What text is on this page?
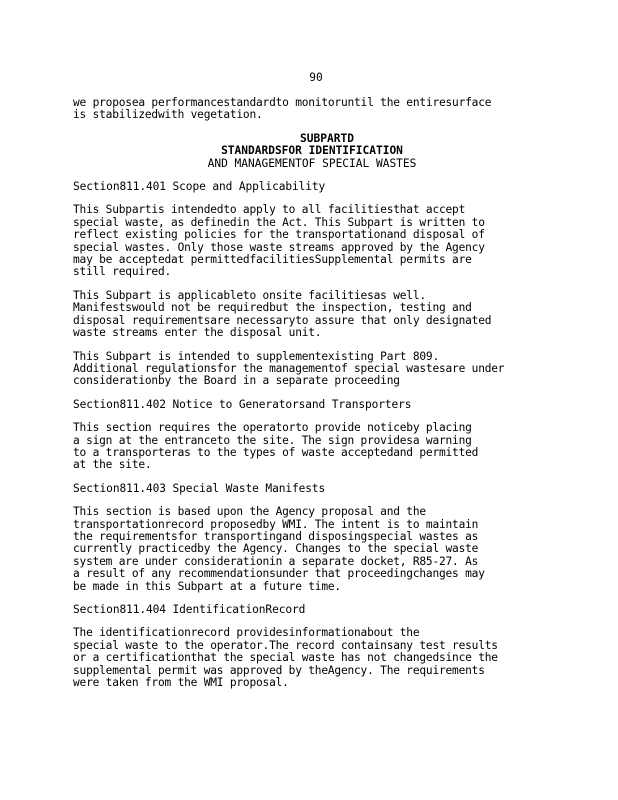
90

we proposea performancestandardto monitoruntil the entiresurface
is stabilizedwith vegetation.

SUBPARTD
STANDARDSFOR IDENTIFICATION
AND MANAGEMENTOF SPECIAL WASTES
Section811.401 Scope and Applicability

This Subpartis intendedto apply to all facilitiesthat accept
special waste, as definedin the Act. This Subpart is written to
reflect existing policies for the transportationand disposal of
special wastes. Only those waste streams approved by the Agency
may be acceptedat permittedfacilitiesSupplemental permits are
still required.

This Subpart is applicableto onsite facilitiesas well.
Manifestswould not be requiredbut the inspection, testing and
disposal requirementsare necessaryto assure that only designated
waste streams enter the disposal unit.

This Subpart is intended to supplementexisting Part 809.
Additional regulationsfor the managementof special wastesare under
considerationby the Board in a separate proceeding

Section811.402 Notice to Generatorsand Transporters

This section requires the operatorto provide noticeby placing
a sign at the entranceto the site. The sign providesa warning
to a transporteras to the types of waste acceptedand permitted
at the site.

Section811.403 Special Waste Manifests

This section is based upon the Agency proposal and the
transportationrecord proposedby WMI. The intent is to maintain
the requirementsfor transportingand disposingspecial wastes as
currently practicedby the Agency. Changes to the special waste
system are under considerationin a separate docket, R85-27. As
a result of any recommendationsunder that proceedingchanges may
be made in this Subpart at a future time.

Section811.404 IdentificationRecord

The identificationrecord providesinformationabout the
special waste to the operator.The record containsany test results
or a certificationthat the special waste has not changedsince the
supplemental permit was approved by theAgency. The requirements
were taken from the WMI proposal.
